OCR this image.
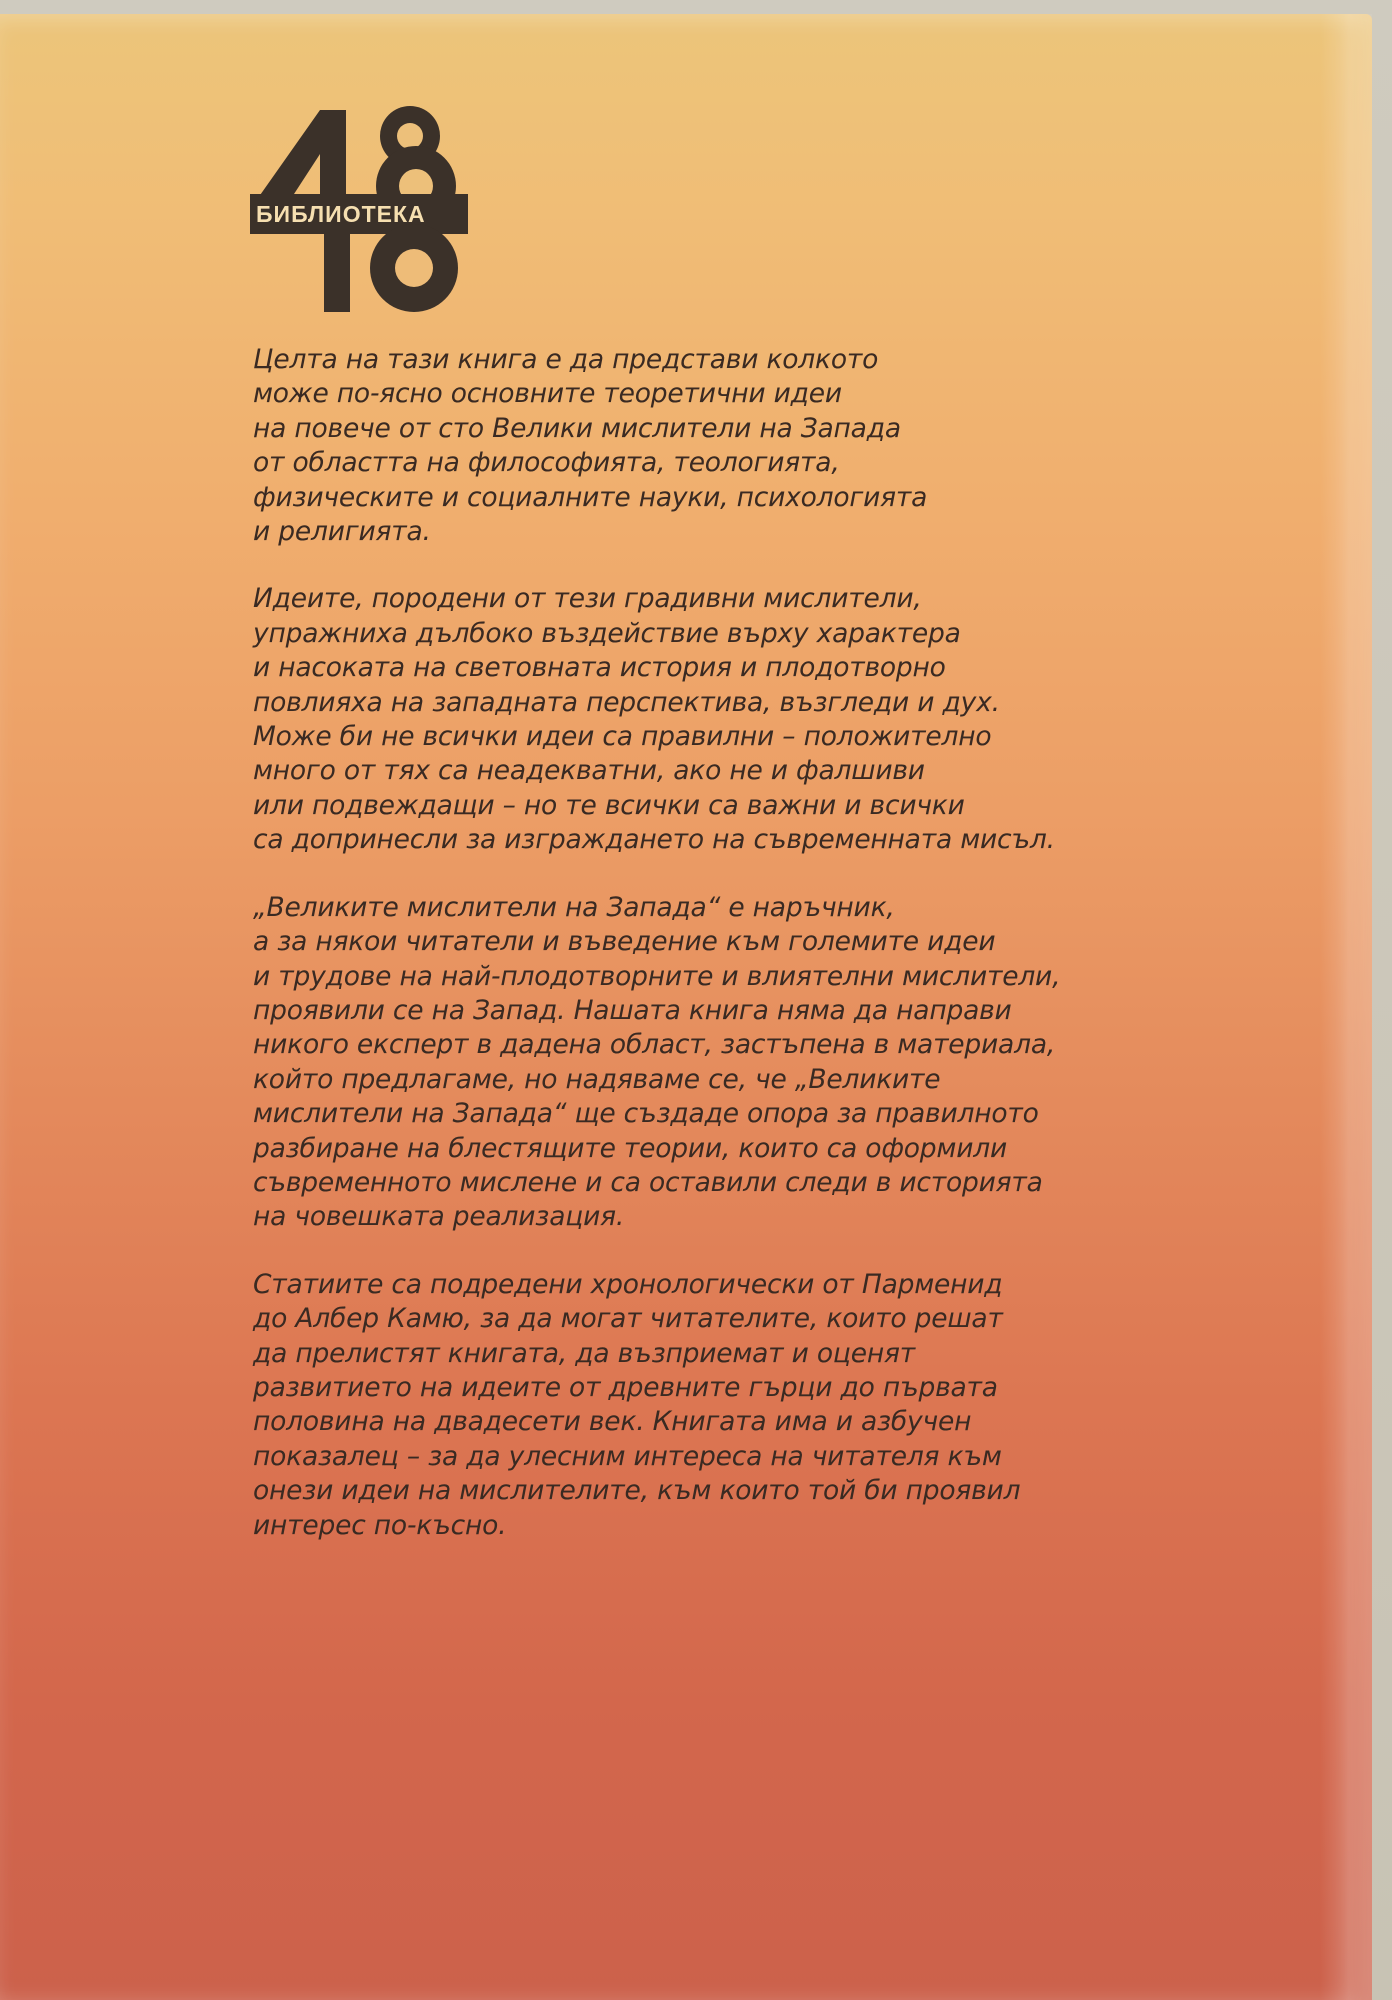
БИБЛИОТЕКА

Целта на тази книга е да представи колкото
може по-ясно основните теоретични идеи
на повече от сто Велики мислители на Запада
от областта на философията, теологията,
физическите и социалните науки, психологията
и религията.

Идеите, породени от тези градивни мислители,
упражниха дълбоко въздействие върху характера
и насоката на световната история и плодотворно
повлияха на западната перспектива, възгледи и дух.
Може би не всички идеи са правилни – положително
много от тях са неадекватни, ако не и фалшиви
или подвеждащи – но те всички са важни и всички
са допринесли за изграждането на съвременната мисъл.

„Великите мислители на Запада“ е наръчник,
а за някои читатели и въведение към големите идеи
и трудове на най-плодотворните и влиятелни мислители,
проявили се на Запад. Нашата книга няма да направи
никого експерт в дадена област, застъпена в материала,
който предлагаме, но надяваме се, че „Великите
мислители на Запада“ ще създаде опора за правилното
разбиране на блестящите теории, които са оформили
съвременното мислене и са оставили следи в историята
на човешката реализация.

Статиите са подредени хронологически от Парменид
до Албер Камю, за да могат читателите, които решат
да прелистят книгата, да възприемат и оценят
развитието на идеите от древните гърци до първата
половина на двадесети век. Книгата има и азбучен
показалец – за да улесним интереса на читателя към
онези идеи на мислителите, към които той би проявил
интерес по-късно.
